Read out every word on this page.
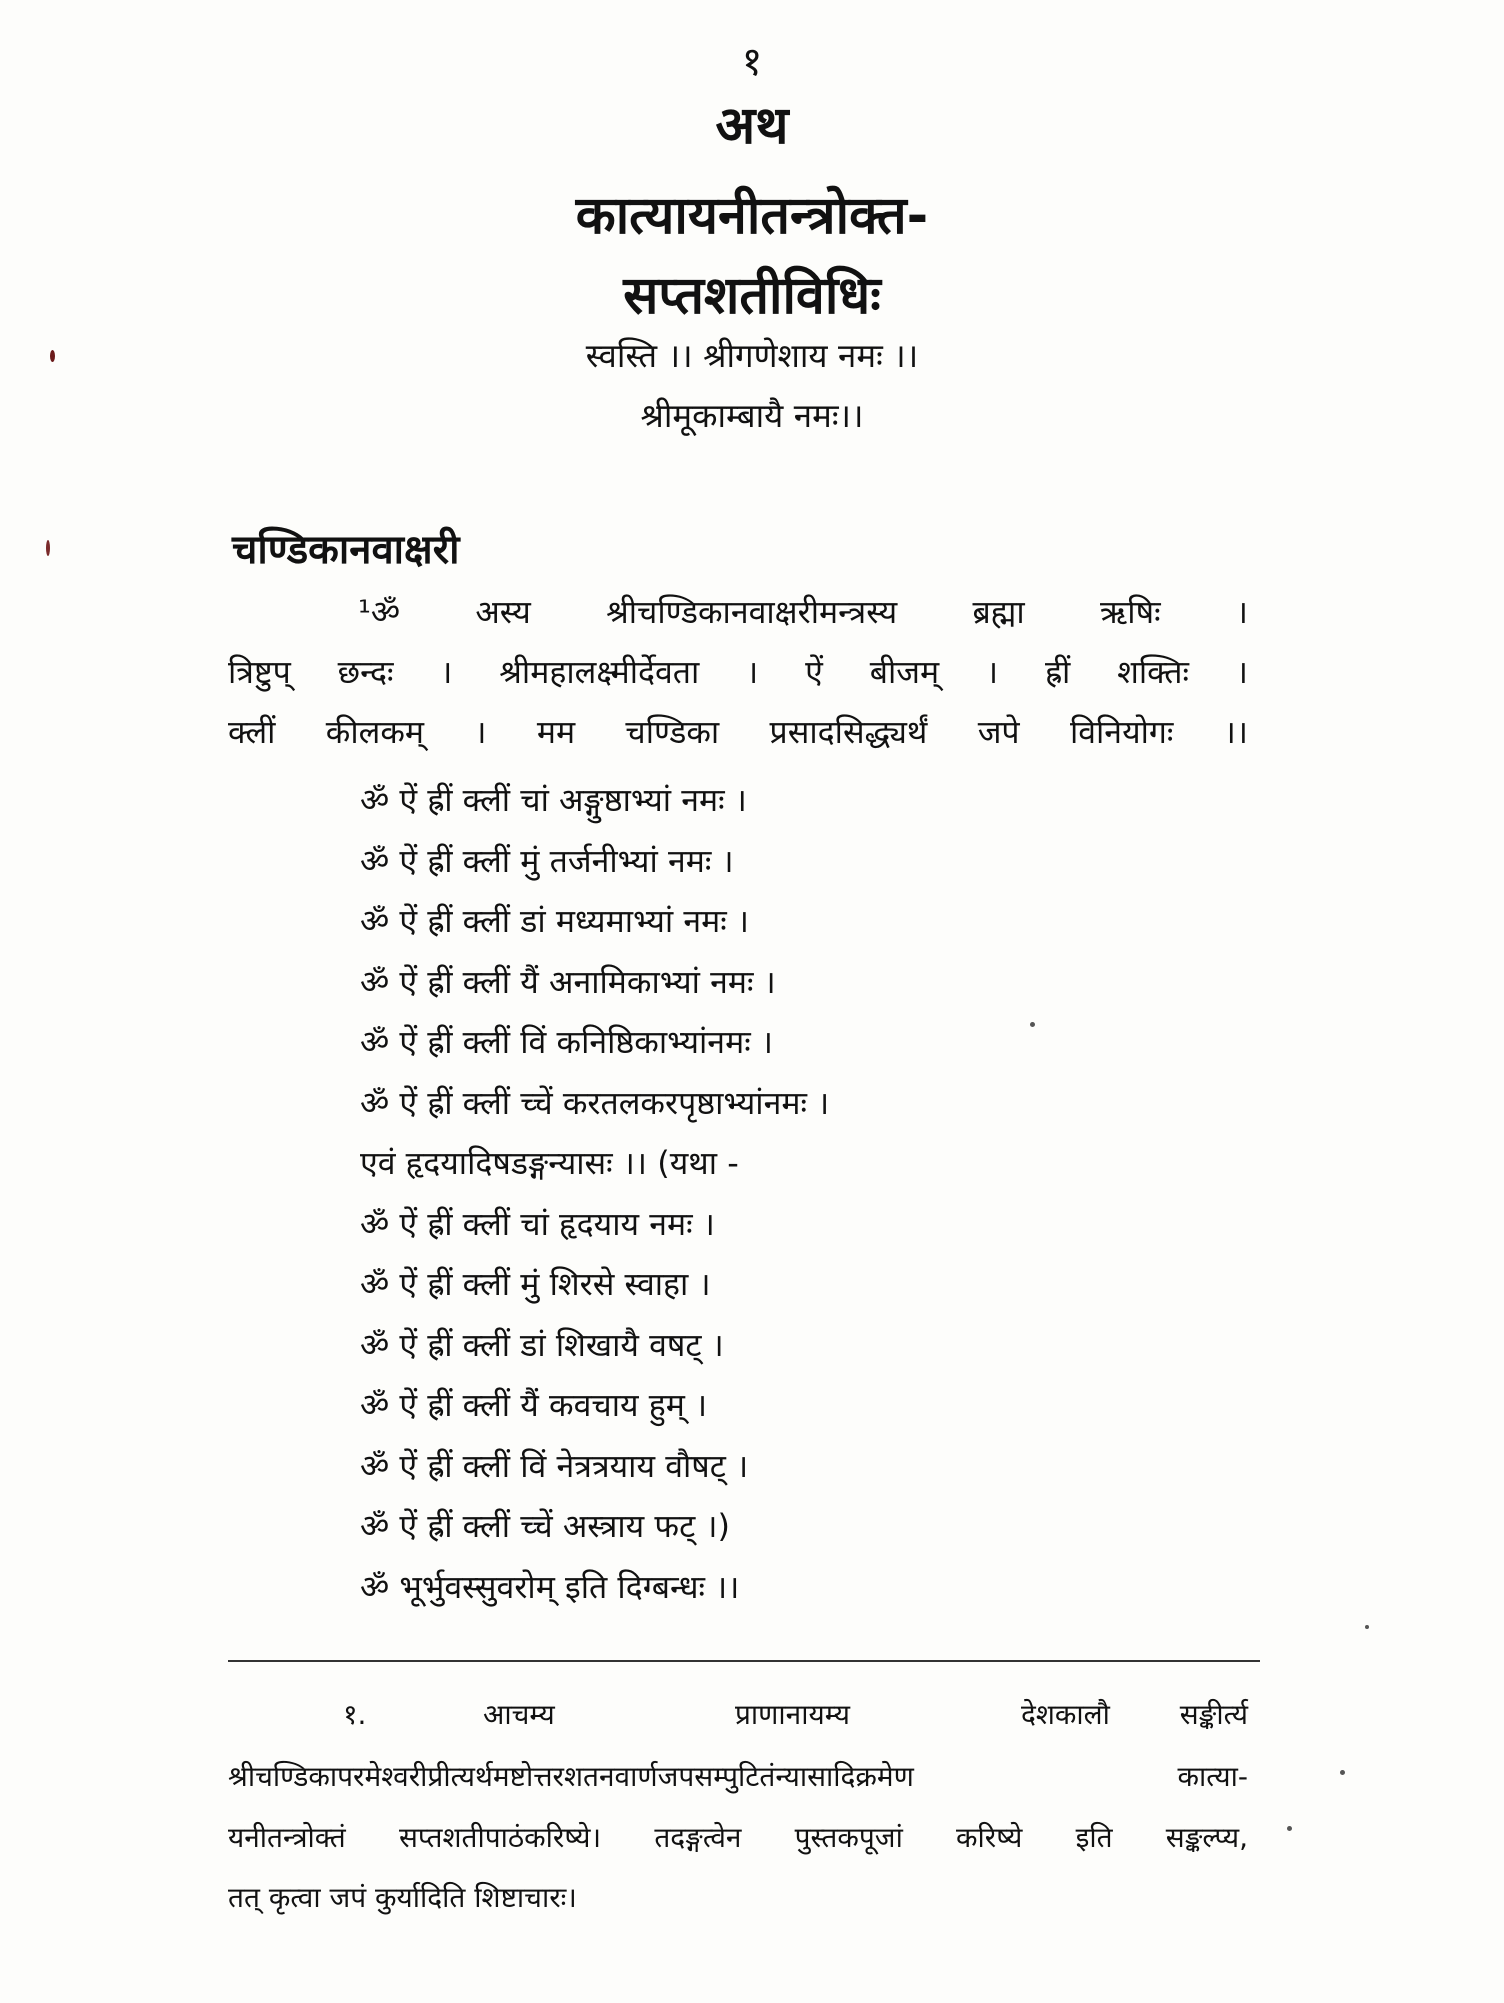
१
अथ
कात्यायनीतन्त्रोक्त-
सप्तशतीविधिः
स्वस्ति ।। श्रीगणेशाय नमः ।।
श्रीमूकाम्बायै नमः।।
चण्डिकानवाक्षरी
¹ॐ अस्य श्रीचण्डिकानवाक्षरीमन्त्रस्य ब्रह्मा ऋषिः ।
त्रिष्टुप् छन्दः । श्रीमहालक्ष्मीर्देवता । ऐं बीजम् । ह्रीं शक्तिः ।
क्लीं कीलकम् । मम चण्डिका प्रसादसिद्ध्यर्थं जपे विनियोगः ।।
ॐ ऐं ह्रीं क्लीं चां अङ्गुष्ठाभ्यां नमः ।
ॐ ऐं ह्रीं क्लीं मुं तर्जनीभ्यां नमः ।
ॐ ऐं ह्रीं क्लीं डां मध्यमाभ्यां नमः ।
ॐ ऐं ह्रीं क्लीं यैं अनामिकाभ्यां नमः ।
ॐ ऐं ह्रीं क्लीं विं कनिष्ठिकाभ्यांनमः ।
ॐ ऐं ह्रीं क्लीं च्चें करतलकरपृष्ठाभ्यांनमः ।
एवं हृदयादिषडङ्गन्यासः ।। (यथा -
ॐ ऐं ह्रीं क्लीं चां हृदयाय नमः ।
ॐ ऐं ह्रीं क्लीं मुं शिरसे स्वाहा ।
ॐ ऐं ह्रीं क्लीं डां शिखायै वषट् ।
ॐ ऐं ह्रीं क्लीं यैं कवचाय हुम् ।
ॐ ऐं ह्रीं क्लीं विं नेत्रत्रयाय वौषट् ।
ॐ ऐं ह्रीं क्लीं च्चें अस्त्राय फट् ।)
ॐ भूर्भुवस्सुवरोम् इति दिग्बन्धः ।।
१.	आचम्य	प्राणानायम्य	देशकालौ सङ्कीर्त्य
श्रीचण्डिकापरमेश्वरीप्रीत्यर्थमष्टोत्तरशतनवार्णजपसम्पुटितंन्यासादिक्रमेण कात्या-
यनीतन्त्रोक्तं सप्तशतीपाठंकरिष्ये। तदङ्गत्वेन पुस्तकपूजां करिष्ये इति सङ्कल्प्य,
तत् कृत्वा जपं कुर्यादिति शिष्टाचारः।
